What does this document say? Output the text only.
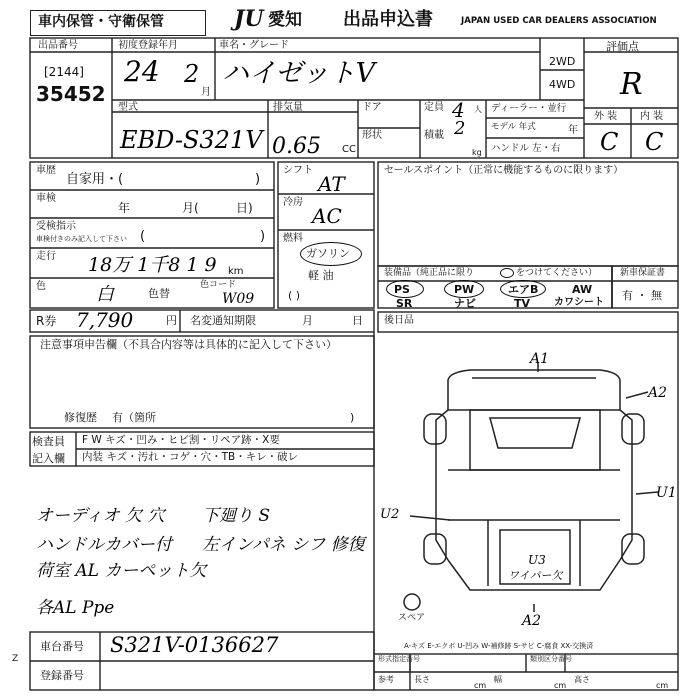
車内保管・守衛保管	JU 愛知 出品申込書	JAPAN USED CAR DEALERS ASSOCIATION
出品番号
[2144]
35452
初度登録年月
24 2
月
車名・グレード
ハイゼットV	2WD
4WD
評価点
R
型式
EBD-S321V
排気量
0.65 CC
ドア
形状
定員 4 人
積載 2
kg
ディーラー・並行
モデル 年式	年
ハンドル 左・右
外 装 内 装
C C
車歴
自家用・(	)
車検
年	月(	日)
受検指示
車検付きのみ記入して下さい (	)
走行 18万 1千8 1 9 km
色	白	色替
色コード
W09
シフト
AT
冷房
AC
燃料
ガソリン
軽 油
( )
セールスポイント（正常に機能するものに限ります）
装備品（純正品に限り	をつけてください）
PS	PW	エアB	AW
SR	ナビ	TV カワシート
新車保証書
有 ・ 無
R券 7,790	円 名変通知期限	月	日 後日品
注意事項申告欄（不具合内容等は具体的に記入して下さい）
修復歴 有（箇所	)
検査員
記入欄
F W キズ・凹み・ヒビ割・リペア跡・X要
内装 キズ・汚れ・コゲ・穴・TB・キレ・破レ
オーディオ 欠 穴 下廻り S
ハンドルカバー付 左インパネ シフ 修復
荷室 AL カーペット欠
各AL Ppe
A1
A2
U1
U2
U3
ワイパー欠
A2
スペア
A-キズ E-エクボ U-凹み W-補修跡 S-サビ C-腐食 XX-交換済
車台番号 S321V-0136627
登録番号
形式指定番号	類別区分番号
参考	長さ
cm
幅
cm
高さ
cm
Z
